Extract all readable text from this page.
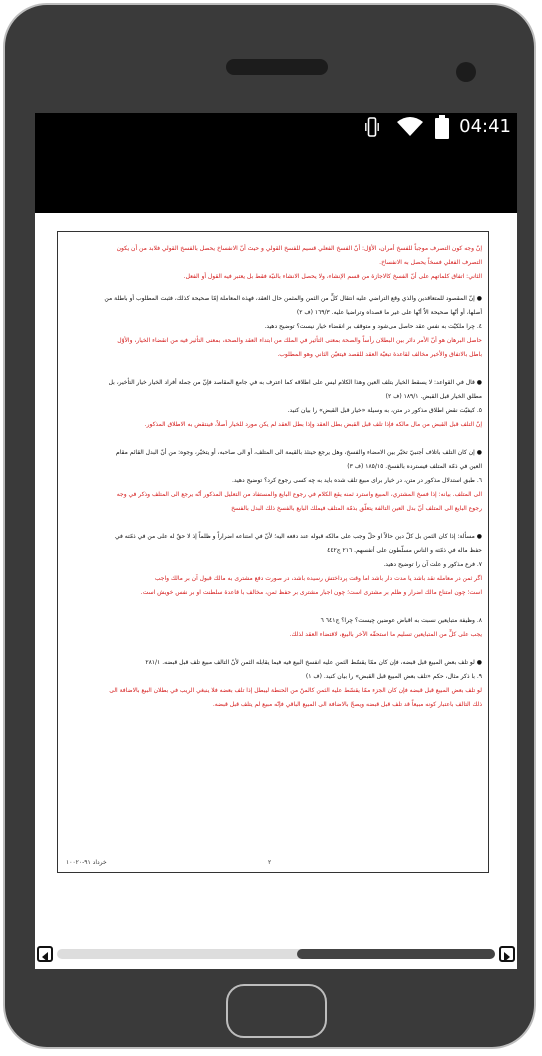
04:41
إنّ وجه كون التصرف موجباً للفسخ أمران، الأوّل: أنّ الفسخ الفعلي قسيم للفسخ القولي و حيث أنّ الانفساخ يحصل بالفسخ القولي فلابد من أن يكون
التصرف الفعلي فسخاً يحصل به الانفساخ.
الثاني: اتفاق كلماتهم على أنّ الفسخ كالاجازة من قسم الإنشاء، ولا يحصل الانشاء بالنيّة فقط بل يعتبر فيه القول أو الفعل.
● إنّ المقصود للمتعاقدين والذي وقع التراضي عليه انتقال كلٍّ من الثمن والمثمن حال العقد، فهذه المعاملة إمّا صحيحة كذلك، فثبت المطلوب أو باطلة من
أصلها، أو أنّها صحيحة الاّ أنّها على غير ما قصداه وتراضيا عليه. ١٦٩/٣ (ف ٢)
٤. چرا ملكيّت به نفس عقد حاصل می‌شود و متوقف بر انقضاء خيار نيست؟ توضيح دهيد.
حاصل البرهان هو أنّ الأمر دائر بين البطلان رأساً والصحة بمعنى التأثير في الملك من ابتداء العقد والصحة، بمعنى التأثير فيه من انقضاء الخيار، والأوّل
باطل بالاتفاق والأخير مخالف لقاعدة تبعيّة العقد للقصد فيتعيّن الثاني وهو المطلوب.
● قال في القواعد: لا يسقط الخيار بتلف العين وهذا الكلام ليس على اطلاقه كما اعترف به في جامع المقاصد فإنّ من جملة أفراد الخيار خيار التأخير، بل
مطلق الخيار قبل القبض. ١٨٩/١ (ف ٢)
٥. كيفيّت نقض اطلاق مذكور در متن، به وسيلة «خيار قبل القبض» را بيان كنيد.
إنّ التلف قبل القبض من مال مالكه فإذا تلف قبل القبض بطل العقد وإذا بطل العقد لم يكن مورد للخيار أصلاً، فينتقض به الاطلاق المذكور.
● إن كان التلف باتلاف أجنبيّ تخيّر بين الامضاء والفسخ، وهل يرجع حينئذ بالقيمة الى المتلف، أو الى صاحبه، أو يتخيّر، وجوه: من أنّ البدل القائم مقام
العين في ذمّة المتلف فيسترده بالفسخ. ١٨٥/١٥ (ف ٣)
٦. طبق استدلال مذكور در متن، در خيار براى مبيع تلف شده بايد به چه كسى رجوع كرد؟ توضيح دهيد.
الى المتلف. بيانه: إذا فسخ المشتري، المبيع واسترد ثمنه يقع الكلام في رجوع البايع والمستفاد من التعليل المذكور أنّه يرجع الى المتلف وذكر في وجه
رجوع البايع الى المتلف أنّ بدل العين التالفة يتعلّق بذمّة المتلف فيملك البايع بالفسخ ذلك البدل بالفسخ
● مسألة: إذا كان الثمن بل كلّ دين حالاً او حلّ وجب على مالكه قبوله عند دفعه اليه؛ لأنّ في امتناعه اضراراً و ظلماً إذ لا حقّ له على من في ذمّته في
حفظ ماله في ذمّته و الناس مسلّطون على أنفسهم. ٢١٦ ج٤٤٢
٧. فرع مذكور و علت آن را توضيح دهيد.
اگر ثمن در معامله نقد باشد يا مدت دار باشد اما وقت پرداختش رسيده باشد، در صورت دفع مشترى به مالك قبول آن بر مالك واجب
است؛ چون امتناع مالك اضرار و ظلم بر مشترى است؛ چون اجبار مشترى بر حفظ ثمن، مخالف با قاعدة سلطنت او بر نفس خويش است.
٨. وظيفة متبايعين نسبت به اقباض عوضين چيست؟ چرا؟ ج٦٤١ ٦
يجب على كلٍّ من المتبايعين تسليم ما استحقّه الآخر بالبيع، لاقتضاء العقد لذلك.
● لو تلف بعض المبيع قبل قبضه، فإن كان ممّا يقسّط الثمن عليه انفسخ البيع فيه فيما يقابله الثمن لأنّ التالف مبيع تلف قبل قبضه. ٢٨١/١
٩. با ذكر مثال، حكم «تلف بعض المبيع قبل القبض» را بيان كنيد. (ف ١)
لو تلف بعض المبيع قبل قبضه فإن كان الجزء ممّا يقسّط عليه الثمن كالمنّ من الحنطة ليبطل إذا تلف بعضه فلا ينبغي الريب في بطلان البيع بالاضافة الى
ذلك التالف باعتبار كونه مبيعاً قد تلف قبل قبضه ويصحّ بالاضافة الى المبيع الباقي فإنّه مبيع لم يتلف قبل قبضه.
خرداد ٩١-١٠٠٢٠	٢
